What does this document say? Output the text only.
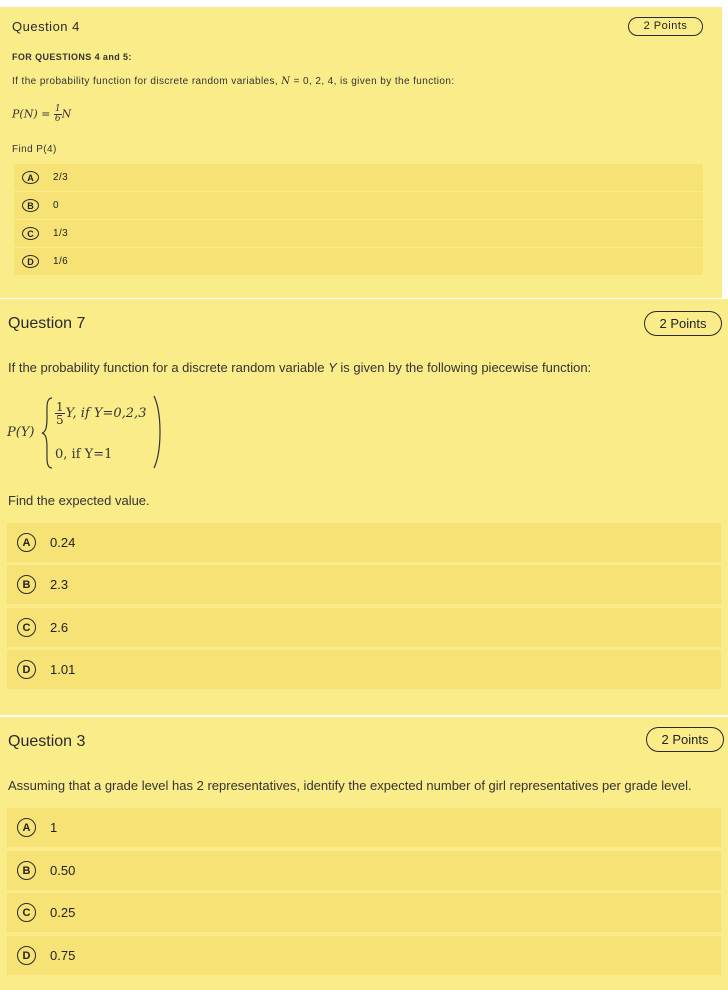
Question 4	2 Points
FOR QUESTIONS 4 and 5:
If the probability function for discrete random variables, N = 0, 2, 4, is given by the function:
$P(N) = \frac{1}{6}$ N
Find P(4)
A	2/3
B	0
C	1/3
D	1/6
Question 7	2 Points
If the probability function for a discrete random variable Y is given by the following piecewise function:
P(Y)
$\frac{1}{5} Y$, if Y=0,2,3
0, if Y=1
Find the expected value.
A	0.24
B	2.3
C	2.6
D	1.01
Question 3	2 Points
Assuming that a grade level has 2 representatives, identify the expected number of girl representatives per grade level.
A	1
B	0.50
C	0.25
D	0.75
